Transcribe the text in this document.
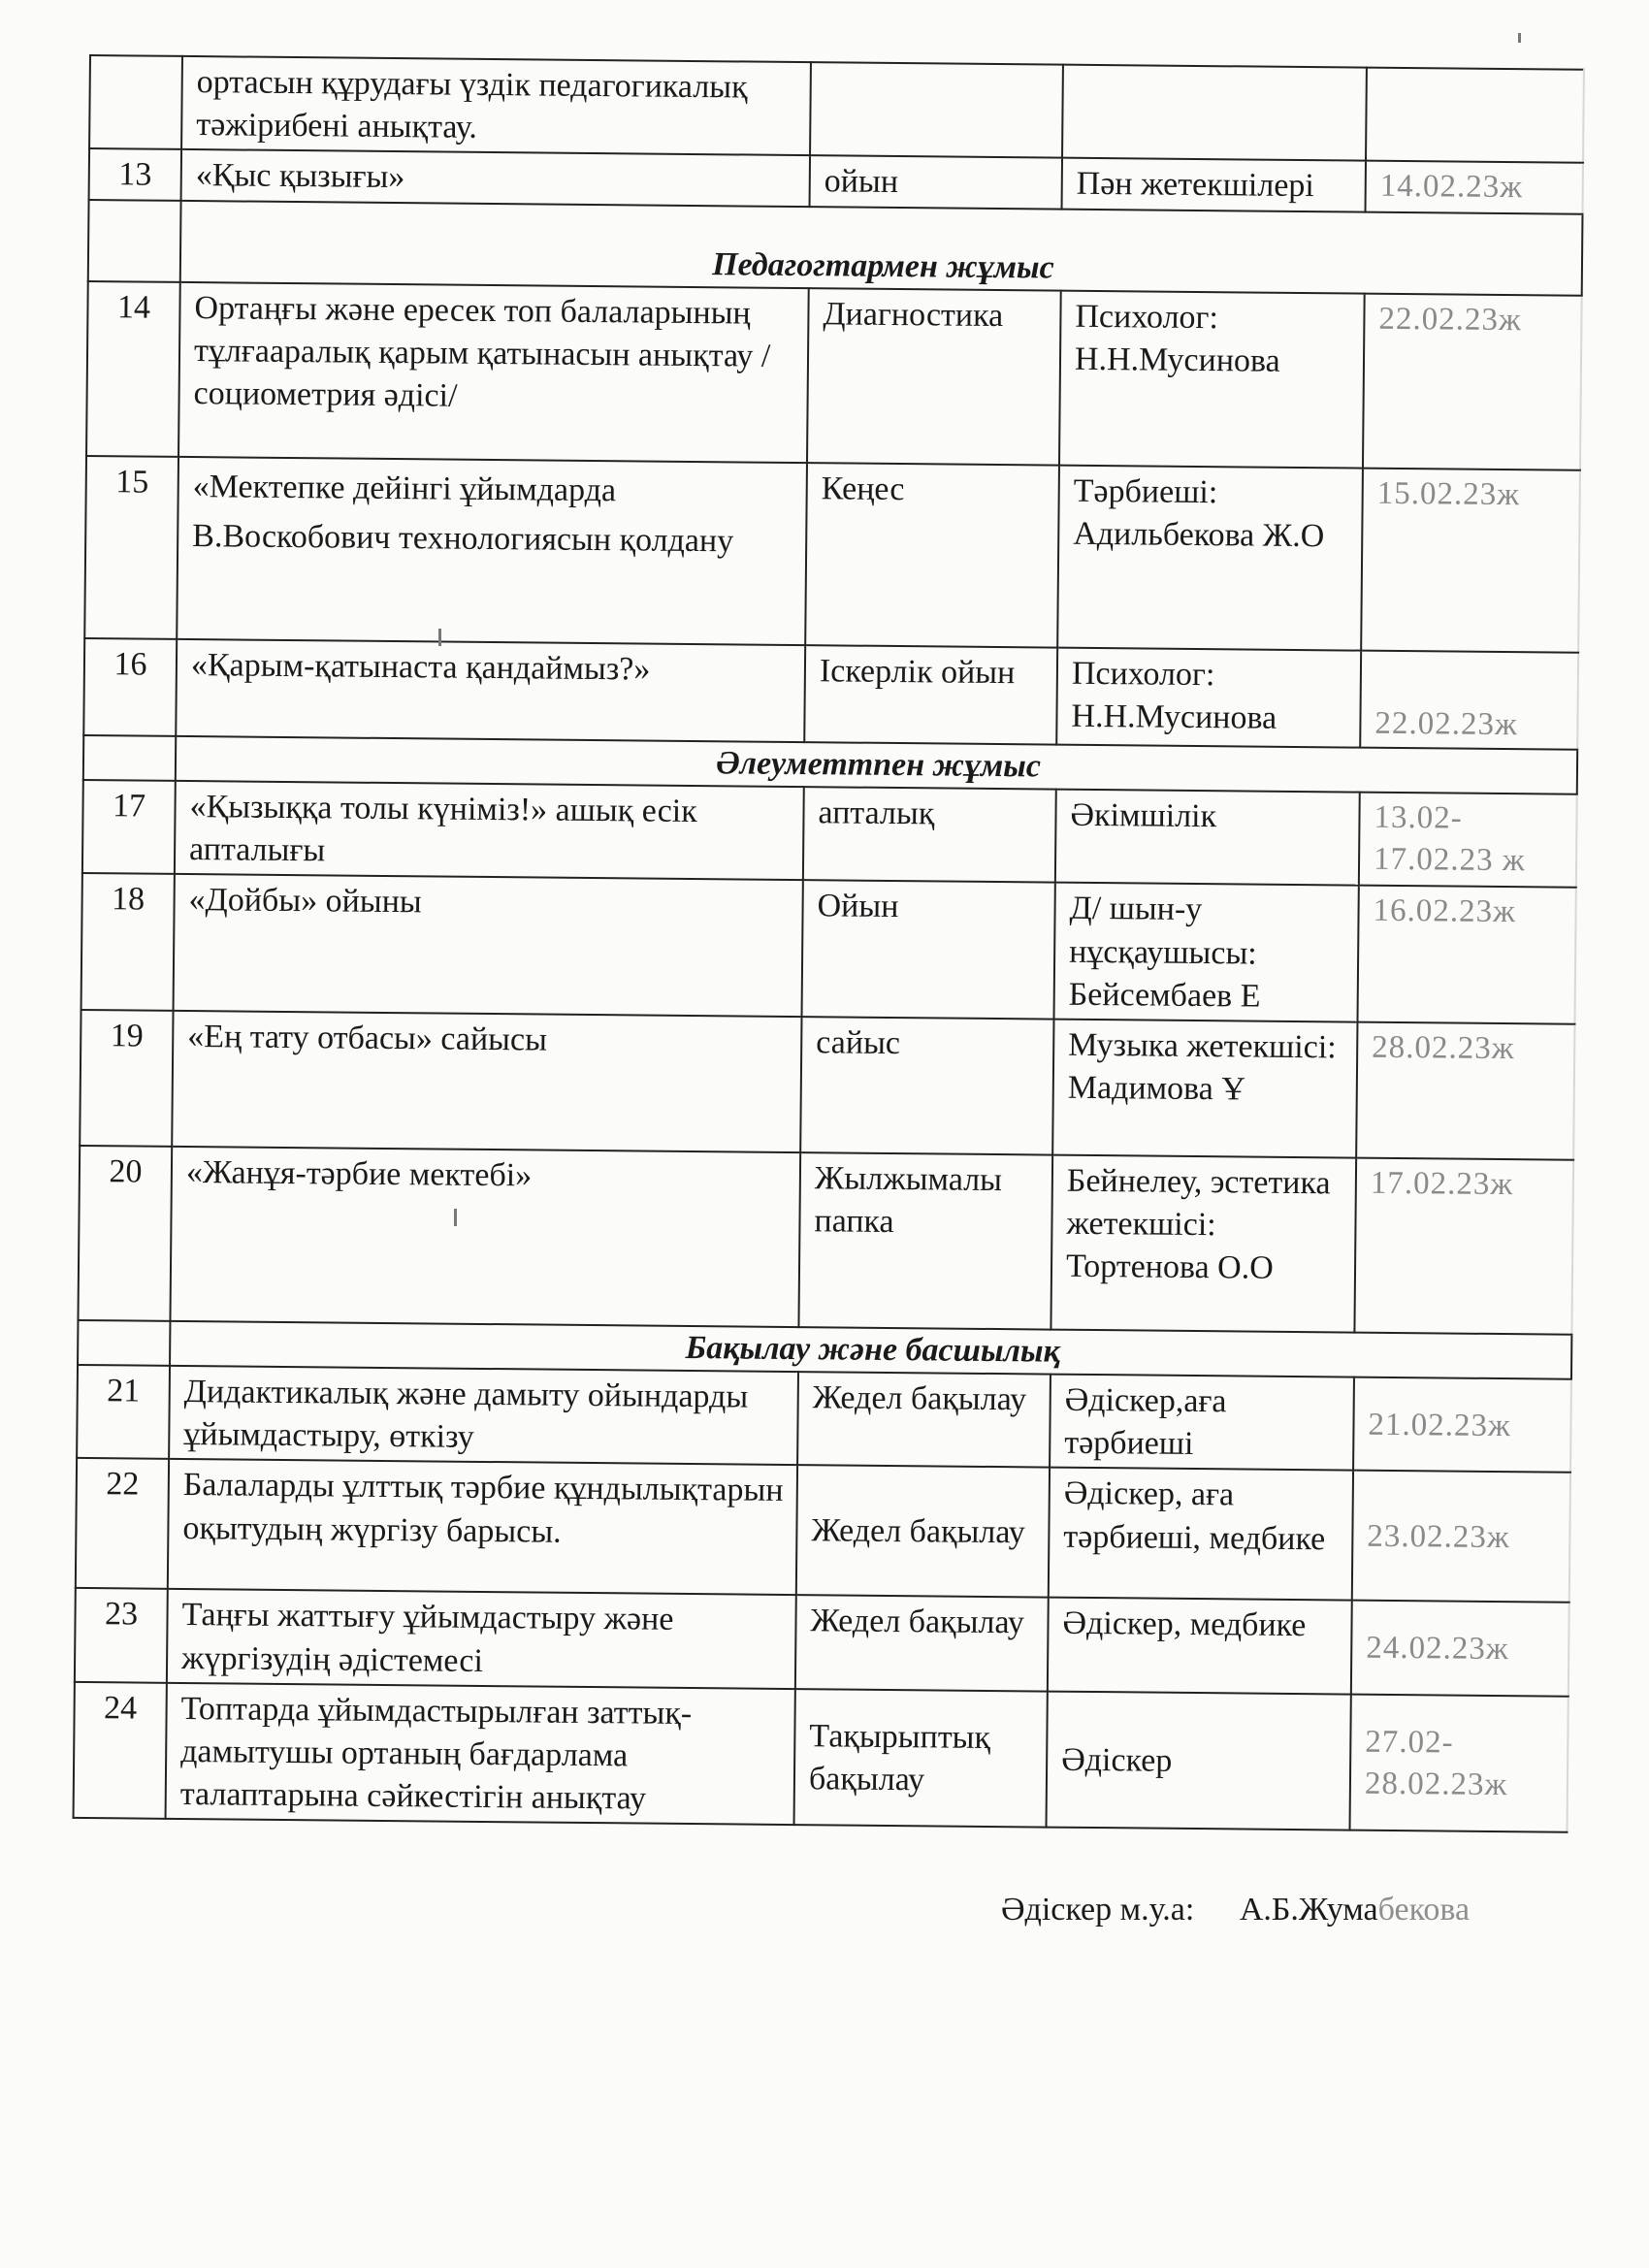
	ортасын құрудағы үздік педагогикалық тәжірибені анықтау.			
13	«Қыс қызығы»	ойын	Пән жетекшілері	14.02.23ж
	Педагогтармен жұмыс			
14	Ортаңғы және ересек топ балаларының тұлғааралық қарым қатынасын анықтау /социометрия әдісі/	Диагностика	Психолог: Н.Н.Мусинова	22.02.23ж
15	«Мектепке дейінгі ұйымдарда В.Воскобович технологиясын қолдану	Кеңес	Тәрбиеші: Адильбекова Ж.О	15.02.23ж
16	«Қарым-қатынаста қандаймыз?»	Іскерлік ойын	Психолог: Н.Н.Мусинова	22.02.23ж
	Әлеуметтпен жұмыс			
17	«Қызыққа толы күніміз!» ашық есік апталығы	апталық	Әкімшілік	13.02-17.02.23 ж
18	«Дойбы» ойыны	Ойын	Д/ шын-у нұсқаушысы: Бейсембаев Е	16.02.23ж
19	«Ең тату отбасы» сайысы	сайыс	Музыка жетекшісі: Мадимова Ұ	28.02.23ж
20	«Жанұя-тәрбие мектебі»	Жылжымалы папка	Бейнелеу, эстетика жетекшісі: Тортенова О.О	17.02.23ж
	Бақылау және басшылық			
21	Дидактикалық және дамыту ойындарды ұйымдастыру, өткізу	Жедел бақылау	Әдіскер,аға тәрбиеші	21.02.23ж
22	Балаларды ұлттық тәрбие құндылықтарын оқытудың жүргізу барысы.	Жедел бақылау	Әдіскер, аға тәрбиеші, медбике	23.02.23ж
23	Таңғы жаттығу ұйымдастыру және жүргізудің әдістемесі	Жедел бақылау	Әдіскер, медбике	24.02.23ж
24	Топтарда ұйымдастырылған заттық-дамытушы ортаның бағдарлама талаптарына сәйкестігін анықтау	Тақырыптық бақылау	Әдіскер	27.02-28.02.23ж
Әдіскер м.у.а: А.Б.Жумабекова
